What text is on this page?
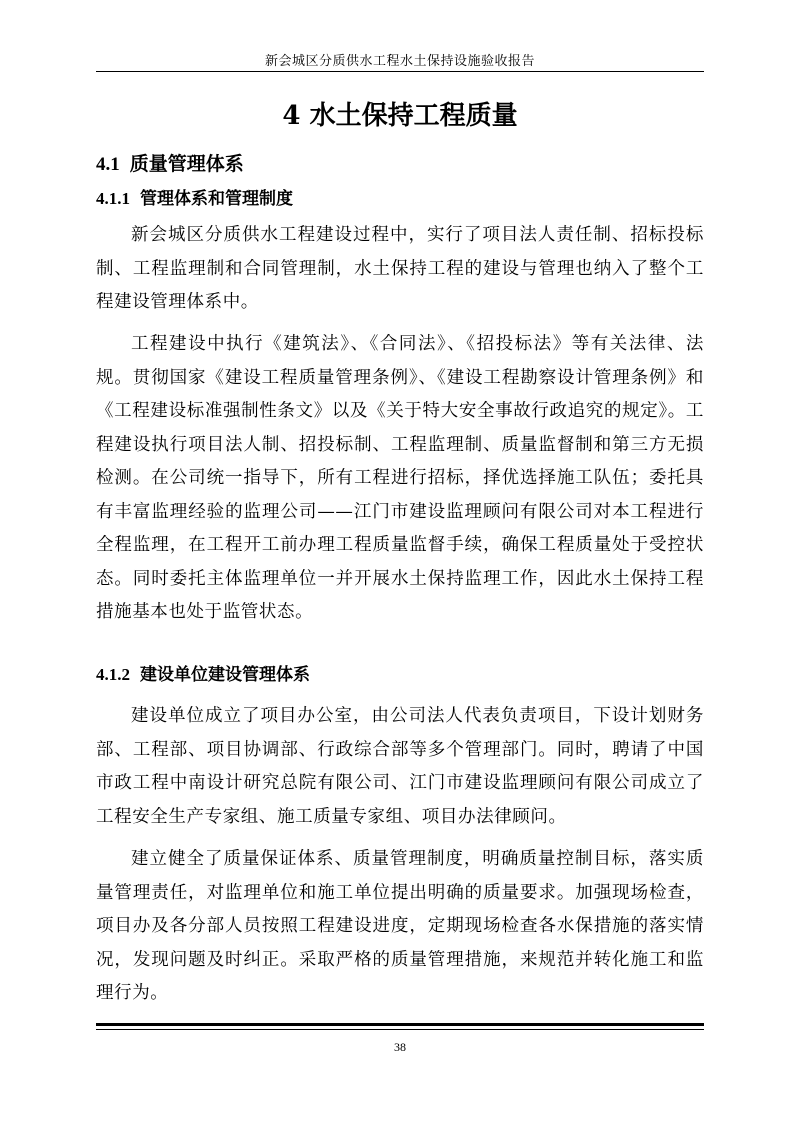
新会城区分质供水工程水土保持设施验收报告
4 水土保持工程质量
4.1 质量管理体系
4.1.1 管理体系和管理制度

新会城区分质供水工程建设过程中，实行了项目法人责任制、招标投标制、工程监理制和合同管理制，水土保持工程的建设与管理也纳入了整个工程建设管理体系中。

工程建设中执行《建筑法》、《合同法》、《招投标法》等有关法律、法规。贯彻国家《建设工程质量管理条例》、《建设工程勘察设计管理条例》和《工程建设标准强制性条文》以及《关于特大安全事故行政追究的规定》。工程建设执行项目法人制、招投标制、工程监理制、质量监督制和第三方无损检测。在公司统一指导下，所有工程进行招标，择优选择施工队伍；委托具有丰富监理经验的监理公司——江门市建设监理顾问有限公司对本工程进行全程监理，在工程开工前办理工程质量监督手续，确保工程质量处于受控状态。同时委托主体监理单位一并开展水土保持监理工作，因此水土保持工程措施基本也处于监管状态。

4.1.2 建设单位建设管理体系

建设单位成立了项目办公室，由公司法人代表负责项目，下设计划财务部、工程部、项目协调部、行政综合部等多个管理部门。同时，聘请了中国市政工程中南设计研究总院有限公司、江门市建设监理顾问有限公司成立了工程安全生产专家组、施工质量专家组、项目办法律顾问。

建立健全了质量保证体系、质量管理制度，明确质量控制目标，落实质量管理责任，对监理单位和施工单位提出明确的质量要求。加强现场检查，项目办及各分部人员按照工程建设进度，定期现场检查各水保措施的落实情况，发现问题及时纠正。采取严格的质量管理措施，来规范并转化施工和监理行为。

38
